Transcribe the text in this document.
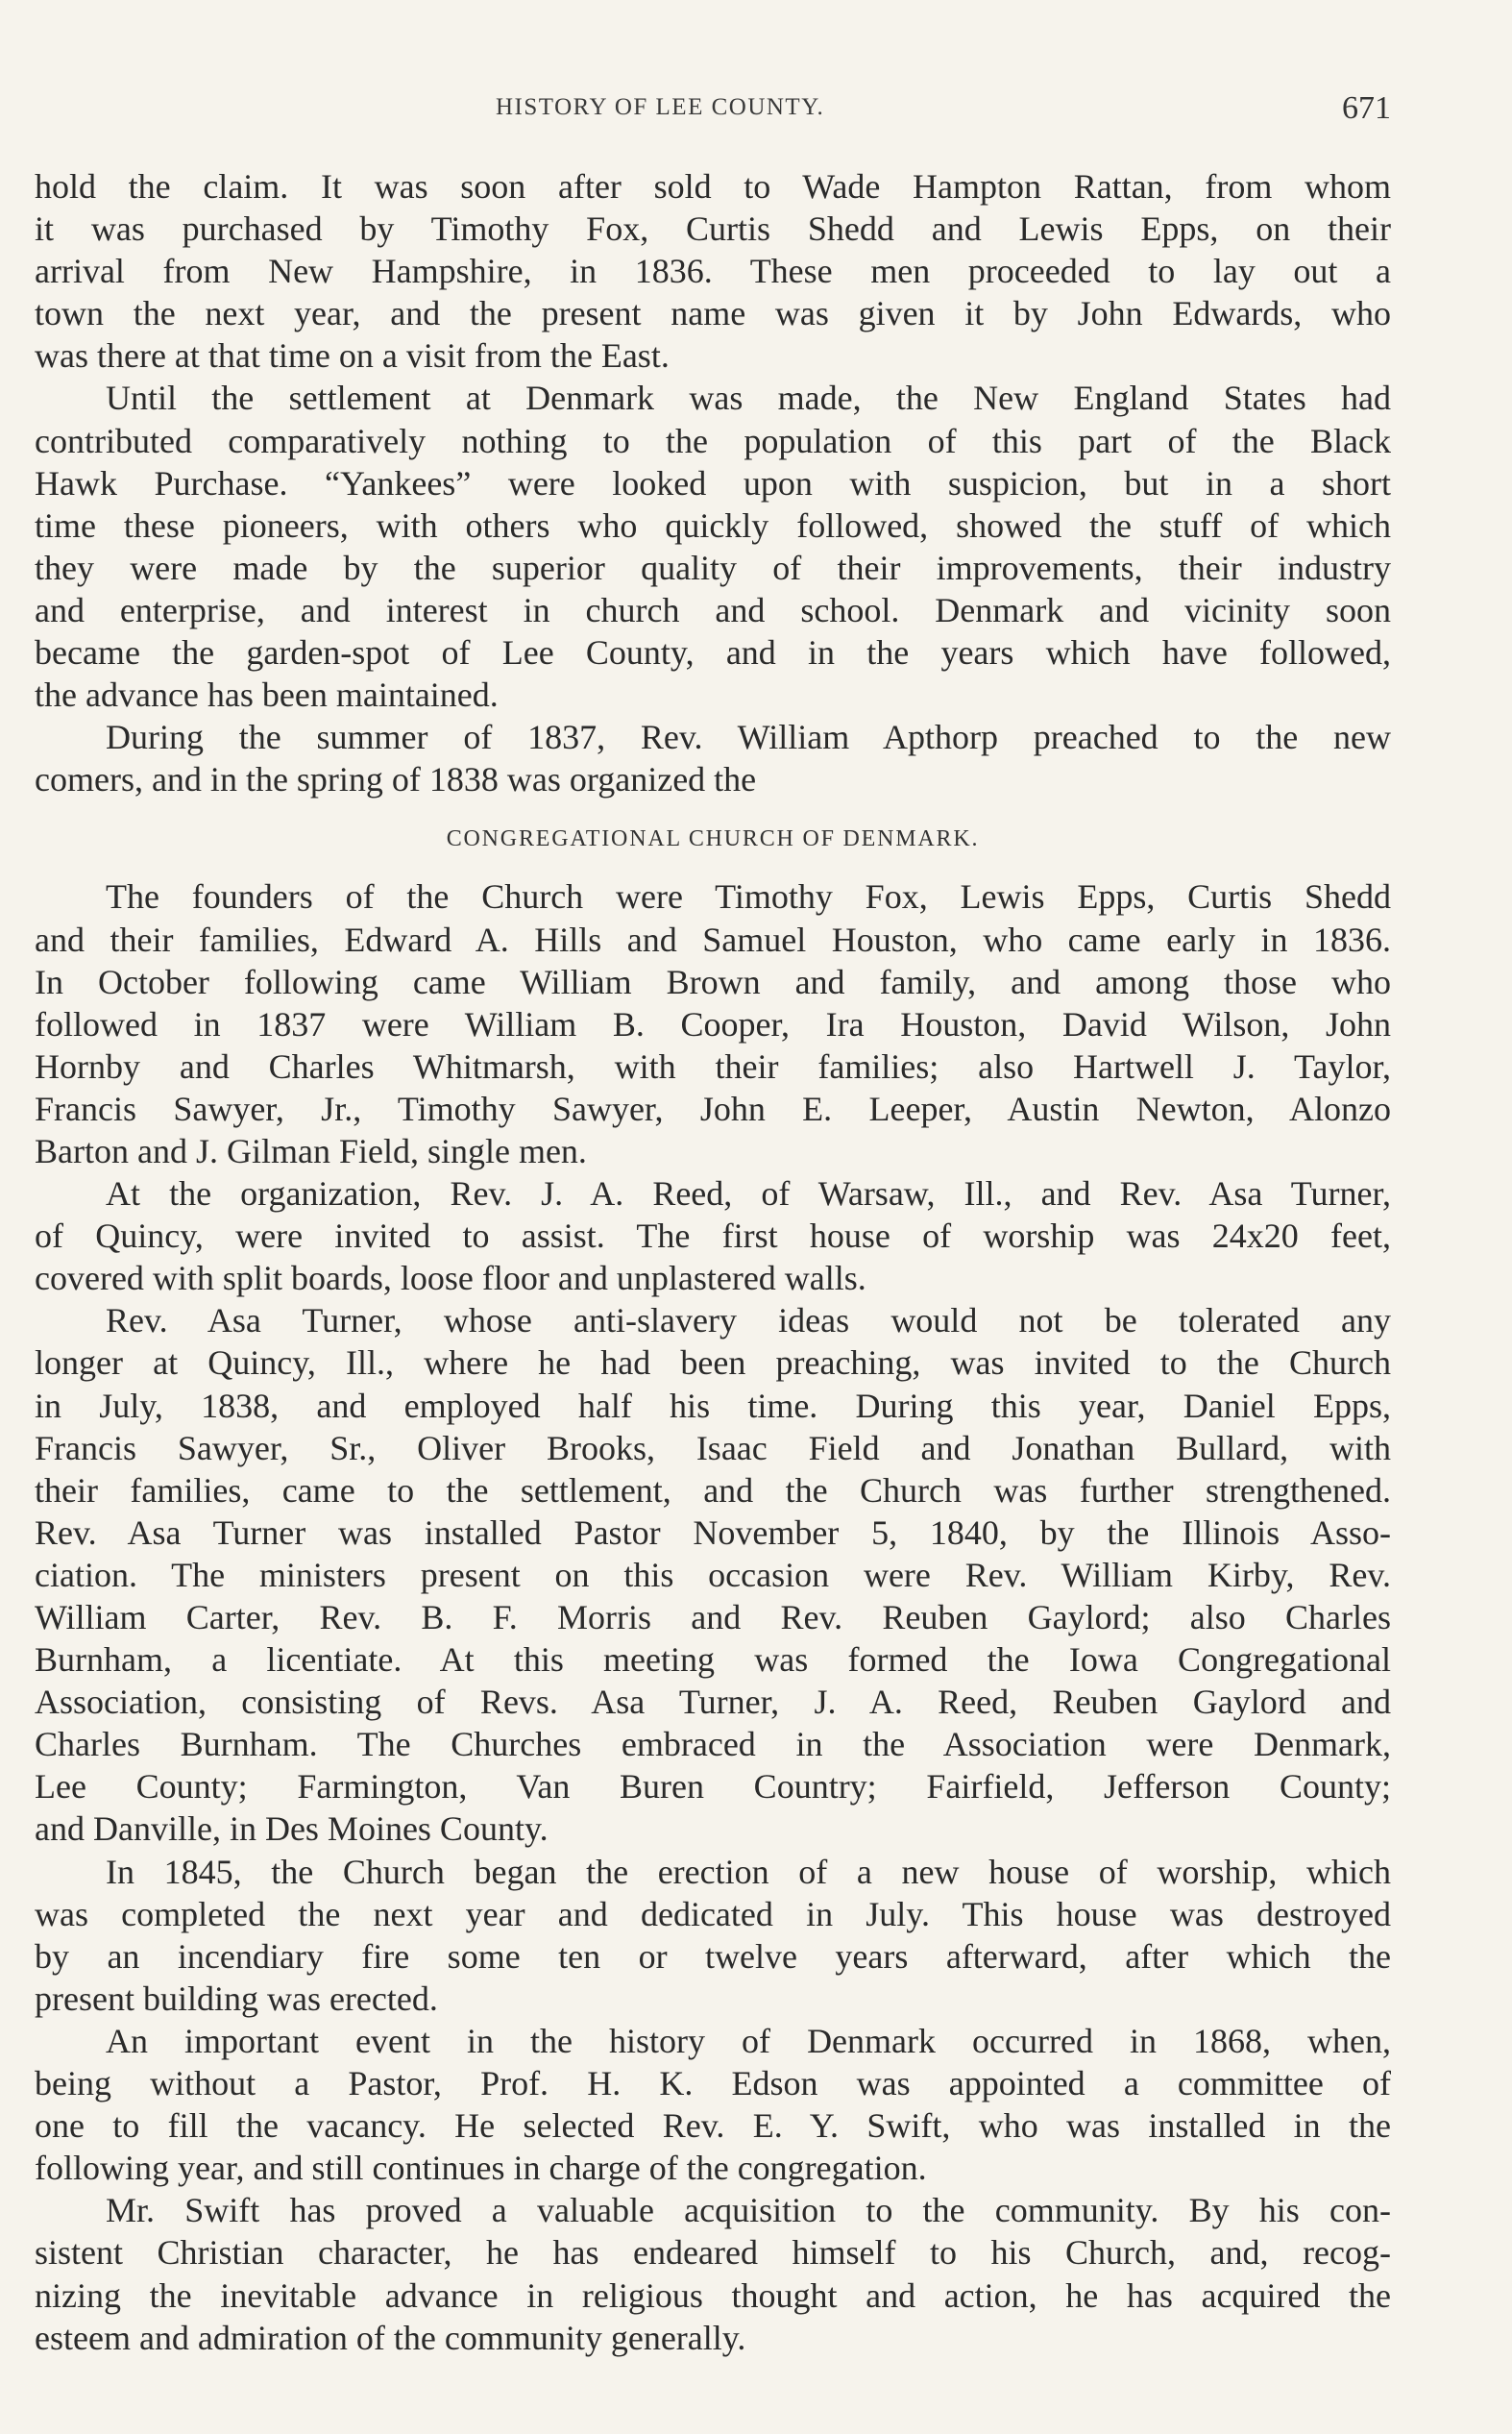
HISTORY OF LEE COUNTY.	671
hold the claim. It was soon after sold to Wade Hampton Rattan, from whom
it was purchased by Timothy Fox, Curtis Shedd and Lewis Epps, on their
arrival from New Hampshire, in 1836. These men proceeded to lay out a
town the next year, and the present name was given it by John Edwards, who
was there at that time on a visit from the East.
Until the settlement at Denmark was made, the New England States had
contributed comparatively nothing to the population of this part of the Black
Hawk Purchase. “Yankees” were looked upon with suspicion, but in a short
time these pioneers, with others who quickly followed, showed the stuff of which
they were made by the superior quality of their improvements, their industry
and enterprise, and interest in church and school. Denmark and vicinity soon
became the garden-spot of Lee County, and in the years which have followed,
the advance has been maintained.
During the summer of 1837, Rev. William Apthorp preached to the new
comers, and in the spring of 1838 was organized the
CONGREGATIONAL CHURCH OF DENMARK.
The founders of the Church were Timothy Fox, Lewis Epps, Curtis Shedd
and their families, Edward A. Hills and Samuel Houston, who came early in 1836.
In October following came William Brown and family, and among those who
followed in 1837 were William B. Cooper, Ira Houston, David Wilson, John
Hornby and Charles Whitmarsh, with their families; also Hartwell J. Taylor,
Francis Sawyer, Jr., Timothy Sawyer, John E. Leeper, Austin Newton, Alonzo
Barton and J. Gilman Field, single men.
At the organization, Rev. J. A. Reed, of Warsaw, Ill., and Rev. Asa Turner,
of Quincy, were invited to assist. The first house of worship was 24x20 feet,
covered with split boards, loose floor and unplastered walls.
Rev. Asa Turner, whose anti-slavery ideas would not be tolerated any
longer at Quincy, Ill., where he had been preaching, was invited to the Church
in July, 1838, and employed half his time. During this year, Daniel Epps,
Francis Sawyer, Sr., Oliver Brooks, Isaac Field and Jonathan Bullard, with
their families, came to the settlement, and the Church was further strengthened.
Rev. Asa Turner was installed Pastor November 5, 1840, by the Illinois Asso-
ciation. The ministers present on this occasion were Rev. William Kirby, Rev.
William Carter, Rev. B. F. Morris and Rev. Reuben Gaylord; also Charles
Burnham, a licentiate. At this meeting was formed the Iowa Congregational
Association, consisting of Revs. Asa Turner, J. A. Reed, Reuben Gaylord and
Charles Burnham. The Churches embraced in the Association were Denmark,
Lee County; Farmington, Van Buren Country; Fairfield, Jefferson County;
and Danville, in Des Moines County.
In 1845, the Church began the erection of a new house of worship, which
was completed the next year and dedicated in July. This house was destroyed
by an incendiary fire some ten or twelve years afterward, after which the
present building was erected.
An important event in the history of Denmark occurred in 1868, when,
being without a Pastor, Prof. H. K. Edson was appointed a committee of
one to fill the vacancy. He selected Rev. E. Y. Swift, who was installed in the
following year, and still continues in charge of the congregation.
Mr. Swift has proved a valuable acquisition to the community. By his con-
sistent Christian character, he has endeared himself to his Church, and, recog-
nizing the inevitable advance in religious thought and action, he has acquired the
esteem and admiration of the community generally.
